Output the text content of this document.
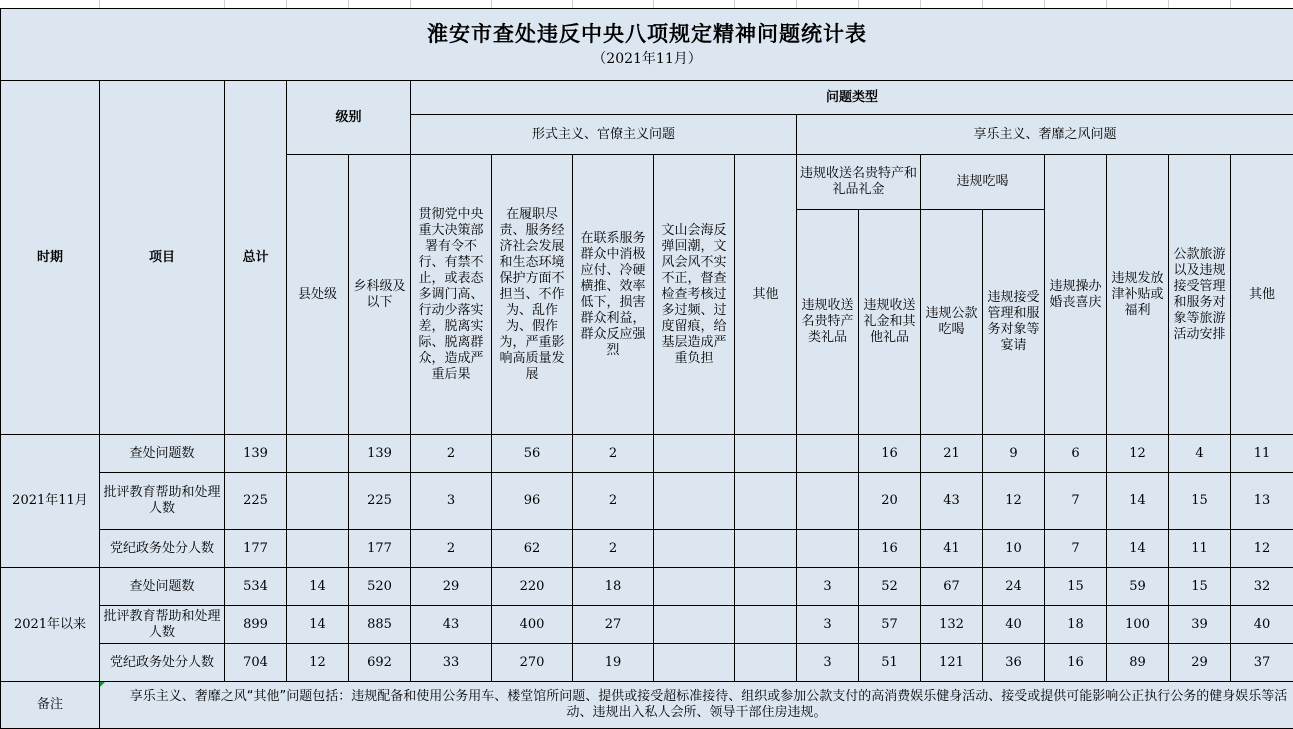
淮安市查处违反中央八项规定精神问题统计表
（2021年11月）																	

时期	项目	总计	级别		问题类型												
					形式主义、官僚主义问题					享乐主义、奢靡之风问题							
			县处级	乡科级及以下	贯彻党中央重大决策部署有令不行、有禁不止，或表态多调门高、行动少落实差，脱离实际、脱离群众，造成严重后果	在履职尽责、服务经济社会发展和生态环境保护方面不担当、不作为、乱作为、假作为，严重影响高质量发展	在联系服务群众中消极应付、冷硬横推、效率低下，损害群众利益，群众反应强烈	文山会海反弹回潮，文风会风不实不正，督查检查考核过多过频、过度留痕，给基层造成严重负担	其他	违规收送名贵特产和礼品礼金		违规吃喝		违规操办婚丧喜庆	违规发放津补贴或福利	公款旅游以及违规接受管理和服务对象等旅游活动安排	其他
										违规收送名贵特产类礼品	违规收送礼金和其他礼品	违规公款吃喝	违规接受管理和服务对象等宴请				
2021年11月	查处问题数	139		139	2	56	2				16	21	9	6	12	4	11
	批评教育帮助和处理人数	225		225	3	96	2				20	43	12	7	14	15	13
	党纪政务处分人数	177		177	2	62	2				16	41	10	7	14	11	12
2021年以来	查处问题数	534	14	520	29	220	18			3	52	67	24	15	59	15	32
	批评教育帮助和处理人数	899	14	885	43	400	27			3	57	132	40	18	100	39	40
	党纪政务处分人数	704	12	692	33	270	19			3	51	121	36	16	89	29	37
备注	享乐主义、奢靡之风“其他”问题包括：违规配备和使用公务用车、楼堂馆所问题、提供或接受超标准接待、组织或参加公款支付的高消费娱乐健身活动、接受或提供可能影响公正执行公务的健身娱乐等活动、违规出入私人会所、领导干部住房违规。																
